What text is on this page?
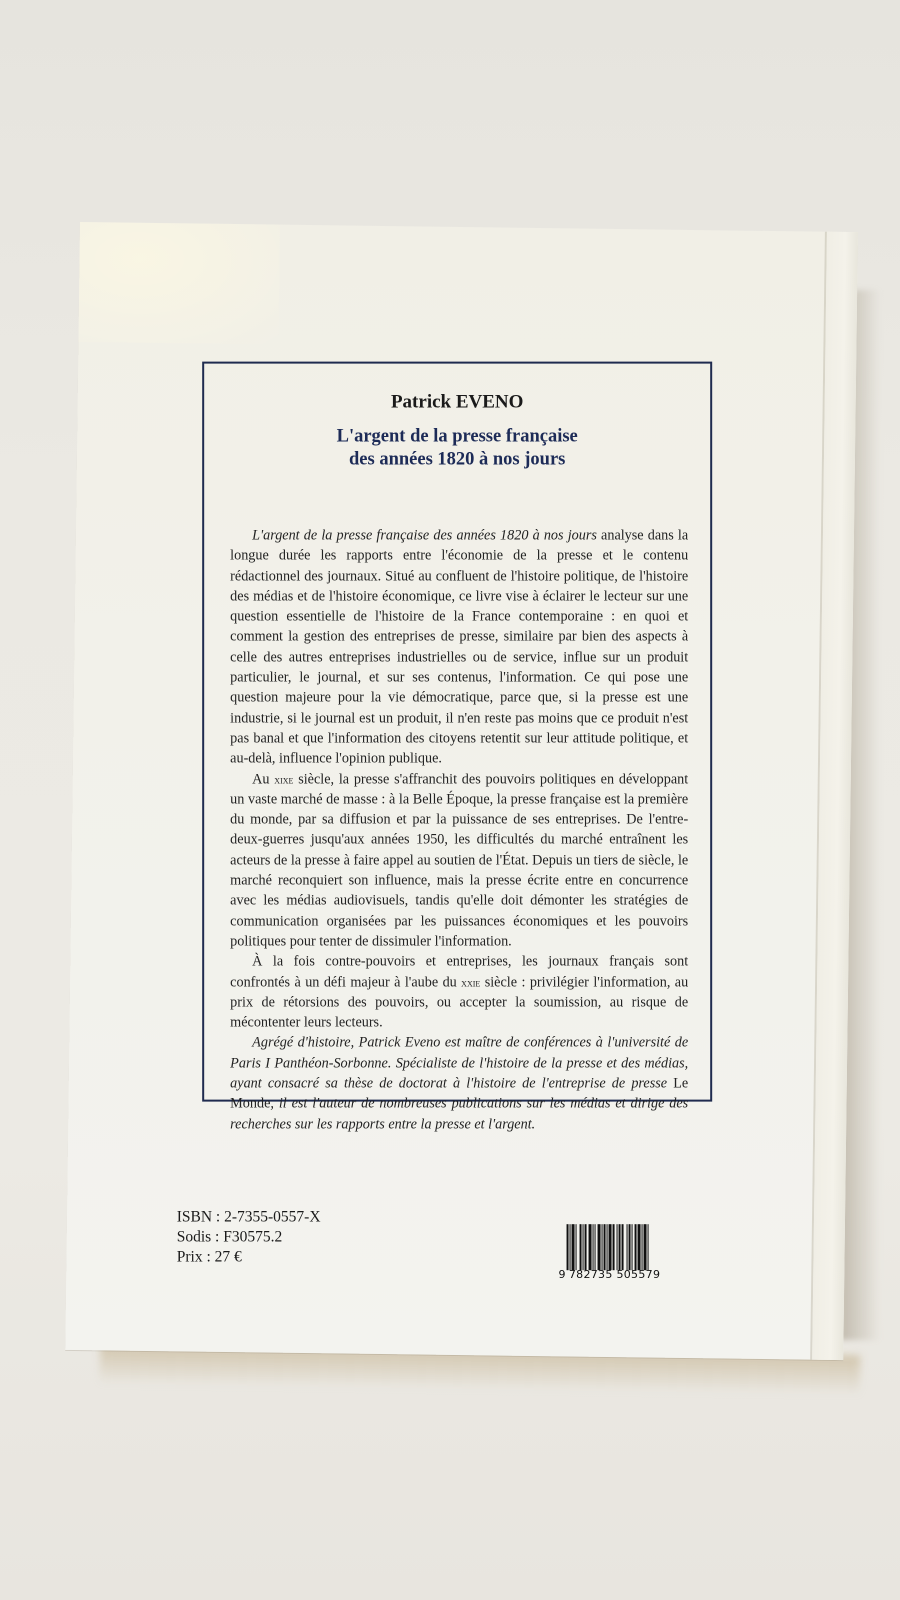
Patrick EVENO
L'argent de la presse française
des années 1820 à nos jours

L'argent de la presse française des années 1820 à nos jours analyse dans la longue durée les rapports entre l'économie de la presse et le contenu rédactionnel des journaux. Situé au confluent de l'histoire politique, de l'histoire des médias et de l'histoire économique, ce livre vise à éclairer le lecteur sur une question essentielle de l'histoire de la France contemporaine : en quoi et comment la gestion des entreprises de presse, similaire par bien des aspects à celle des autres entreprises industrielles ou de service, influe sur un produit particulier, le journal, et sur ses contenus, l'information. Ce qui pose une question majeure pour la vie démocratique, parce que, si la presse est une industrie, si le journal est un produit, il n'en reste pas moins que ce produit n'est pas banal et que l'information des citoyens retentit sur leur attitude politique, et au-delà, influence l'opinion publique.

Au xixe siècle, la presse s'affranchit des pouvoirs politiques en développant un vaste marché de masse : à la Belle Époque, la presse française est la première du monde, par sa diffusion et par la puissance de ses entreprises. De l'entre-deux-guerres jusqu'aux années 1950, les difficultés du marché entraînent les acteurs de la presse à faire appel au soutien de l'État. Depuis un tiers de siècle, le marché reconquiert son influence, mais la presse écrite entre en concurrence avec les médias audiovisuels, tandis qu'elle doit démonter les stratégies de communication organisées par les puissances économiques et les pouvoirs politiques pour tenter de dissimuler l'information.

À la fois contre-pouvoirs et entreprises, les journaux français sont confrontés à un défi majeur à l'aube du xxie siècle : privilégier l'information, au prix de rétorsions des pouvoirs, ou accepter la soumission, au risque de mécontenter leurs lecteurs.

Agrégé d'histoire, Patrick Eveno est maître de conférences à l'université de Paris I Panthéon-Sorbonne. Spécialiste de l'histoire de la presse et des médias, ayant consacré sa thèse de doctorat à l'histoire de l'entreprise de presse Le Monde, il est l'auteur de nombreuses publications sur les médias et dirige des recherches sur les rapports entre la presse et l'argent.

ISBN : 2-7355-0557-X
Sodis : F30575.2
Prix : 27 €
9 782735 505579
